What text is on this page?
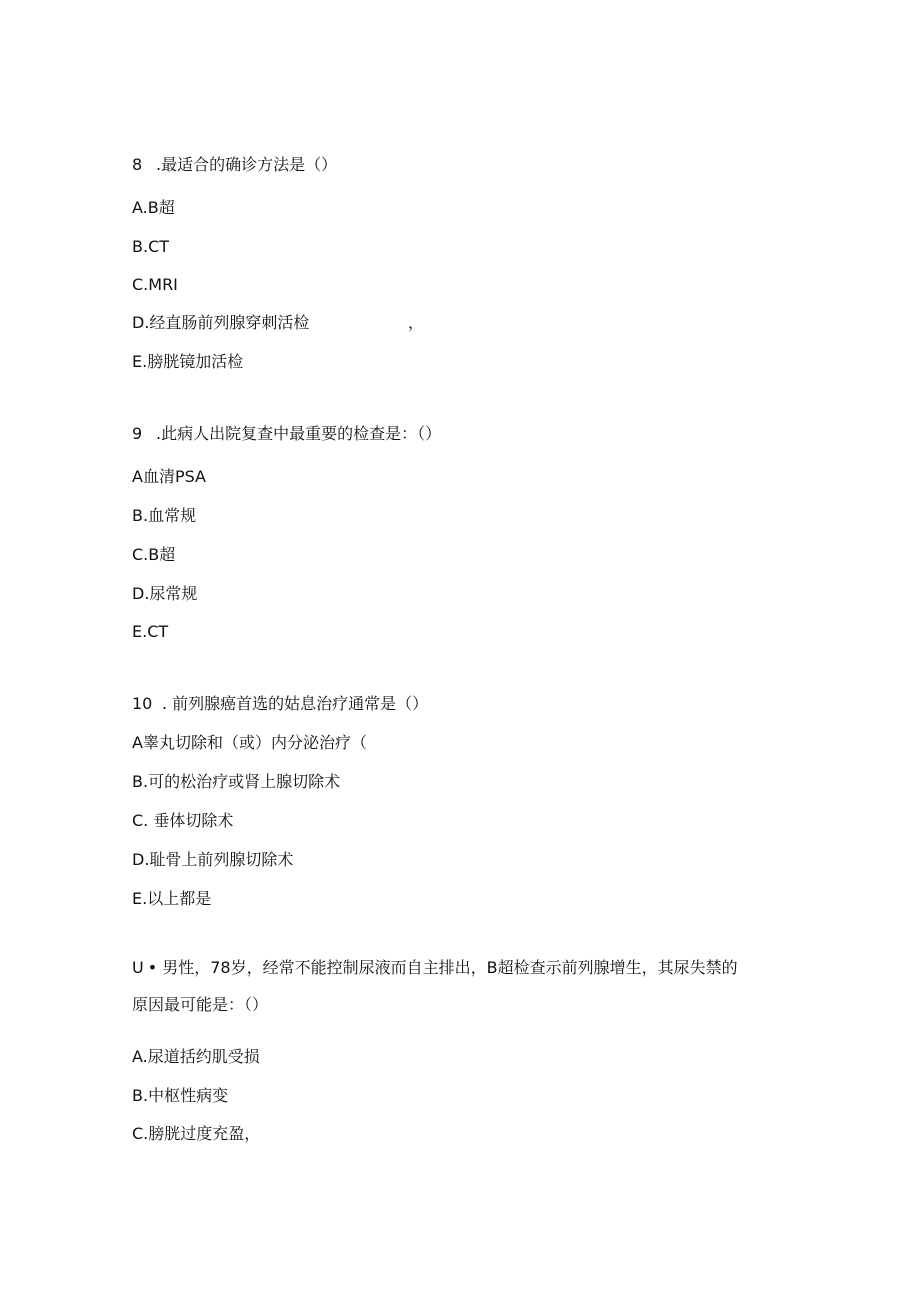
8 .最适合的确诊方法是（）
A.B超
B.CT
C.MRI
D.经直肠前列腺穿刺活检	，
E.膀胱镜加活检
9 .此病人出院复查中最重要的检查是：（）
A血清PSA
B.血常规
C.B超
D.尿常规
E.CT
10 . 前列腺癌首选的姑息治疗通常是（）
A睾丸切除和（或）内分泌治疗（
B.可的松治疗或肾上腺切除术
C. 垂体切除术
D.耻骨上前列腺切除术
E.以上都是
U • 男性，78岁，经常不能控制尿液而自主排出，B超检查示前列腺增生，其尿失禁的
原因最可能是：（）
A.尿道括约肌受损
B.中枢性病变
C.膀胱过度充盈，
